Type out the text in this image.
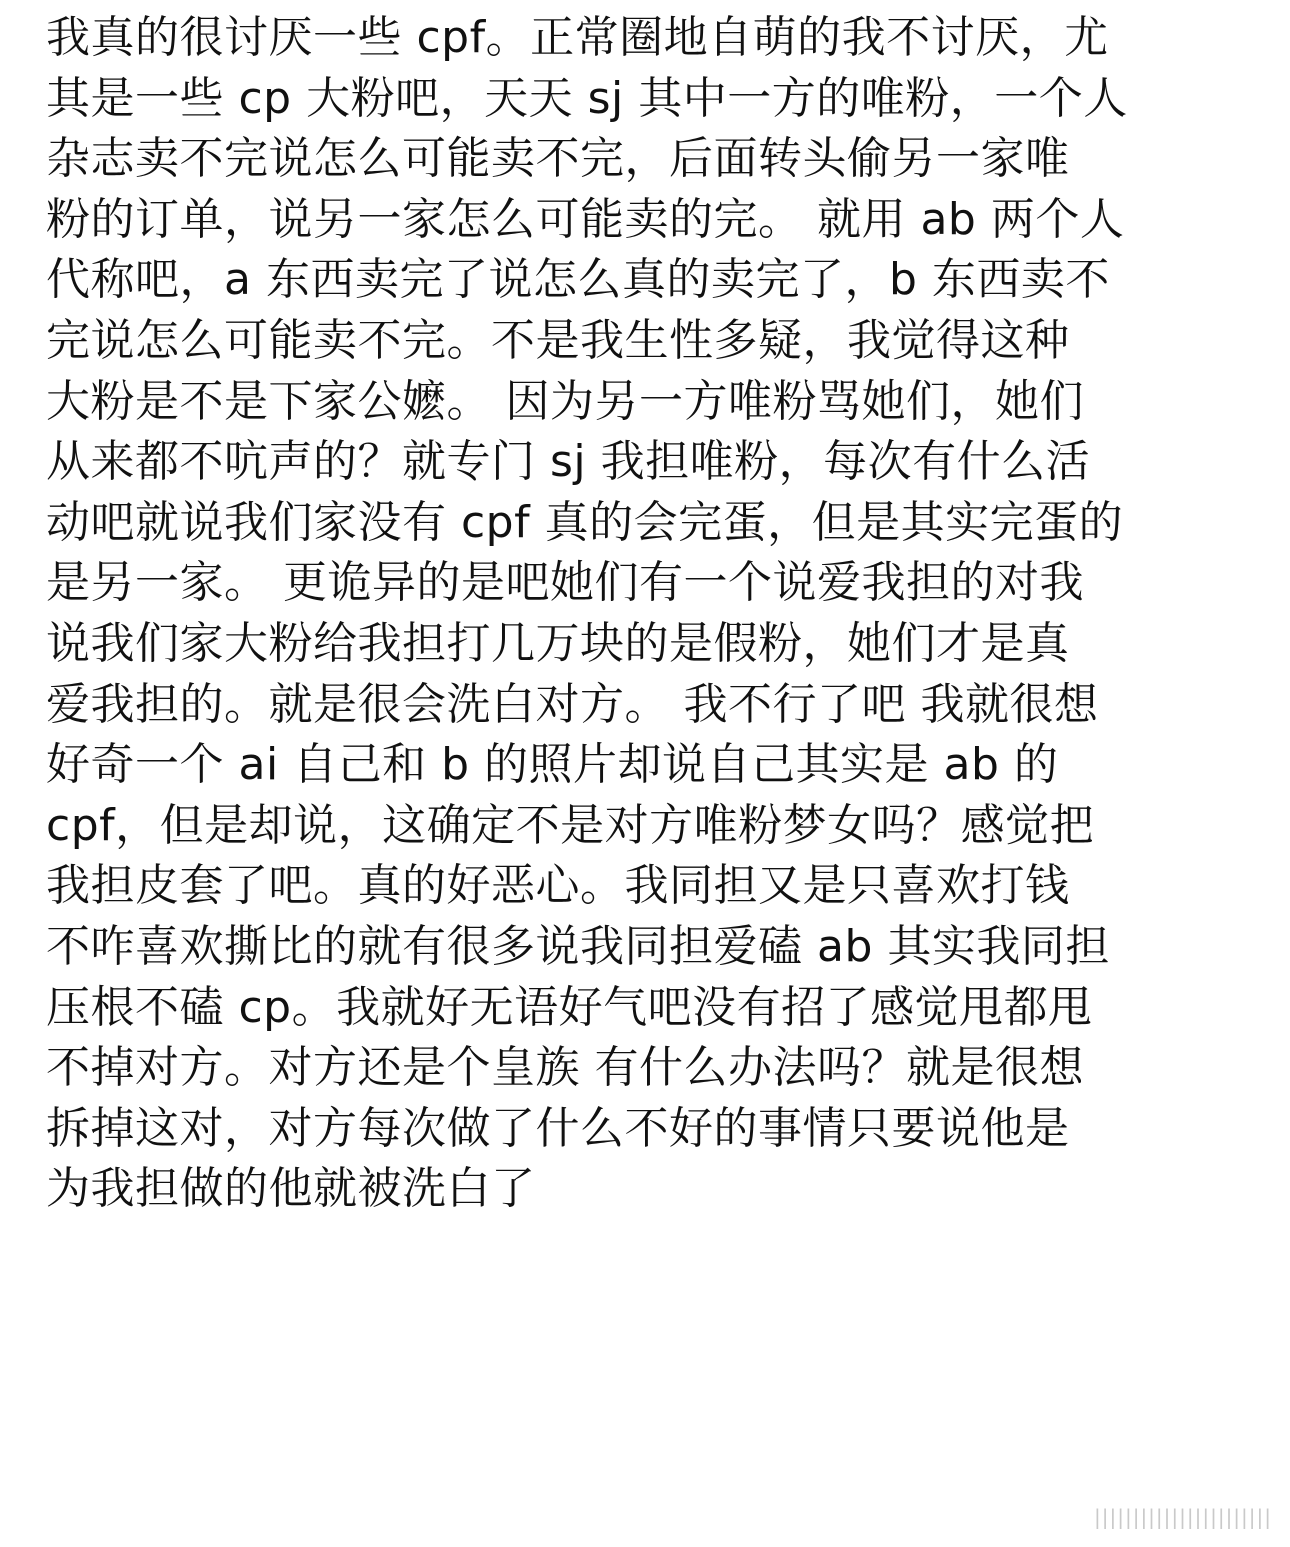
我真的很讨厌一些 cpf。正常圈地自萌的我不讨厌，尤
其是一些 cp 大粉吧，天天 sj 其中一方的唯粉，一个人
杂志卖不完说怎么可能卖不完，后面转头偷另一家唯
粉的订单，说另一家怎么可能卖的完。 就用 ab 两个人
代称吧，a 东西卖完了说怎么真的卖完了，b 东西卖不
完说怎么可能卖不完。不是我生性多疑，我觉得这种
大粉是不是下家公嬷。 因为另一方唯粉骂她们，她们
从来都不吭声的？就专门 sj 我担唯粉，每次有什么活
动吧就说我们家没有 cpf 真的会完蛋，但是其实完蛋的
是另一家。 更诡异的是吧她们有一个说爱我担的对我
说我们家大粉给我担打几万块的是假粉，她们才是真
爱我担的。就是很会洗白对方。 我不行了吧 我就很想
好奇一个 ai 自己和 b 的照片却说自己其实是 ab 的
cpf，但是却说，这确定不是对方唯粉梦女吗？感觉把
我担皮套了吧。真的好恶心。我同担又是只喜欢打钱
不咋喜欢撕比的就有很多说我同担爱磕 ab 其实我同担
压根不磕 cp。我就好无语好气吧没有招了感觉甩都甩
不掉对方。对方还是个皇族 有什么办法吗？就是很想
拆掉这对，对方每次做了什么不好的事情只要说他是
为我担做的他就被洗白了
|||||||||||||||||||||||
